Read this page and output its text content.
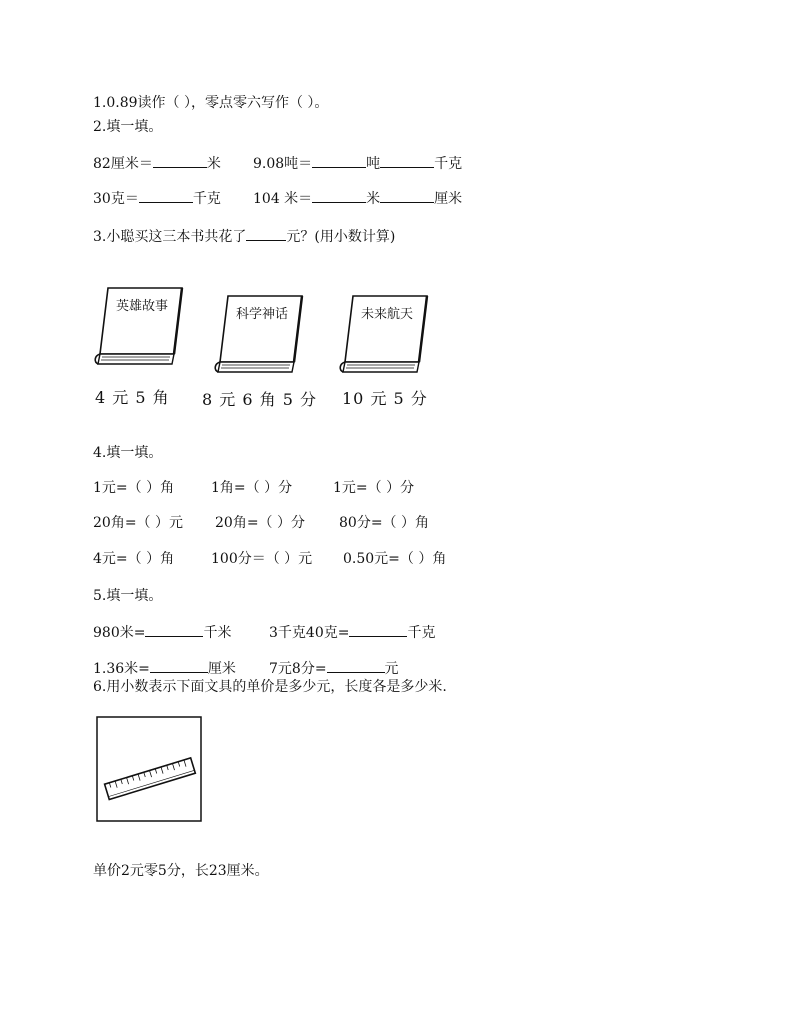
1.0.89读作（ ），零点零六写作（ ）。
2.填一填。
82厘米＝	米 9.08吨＝	吨	千克
30克＝	千克 104 米＝	米	厘米
3.小聪买这三本书共花了	元？(用小数计算)
英雄故事
科学神话	未来航天
4 元 5 角 8 元 6 角 5 分 10 元 5 分
4.填一填。
1元=（ ）角	1角=（ ）分	1元=（ ）分
20角=（ ）元 20角=（ ）分 80分=（ ）角
4元=（ ）角	100分＝（ ）元 0.50元=（ ）角
5.填一填。
980米=	千米	3千克40克=	千克
1.36米=	厘米 7元8分=	元
6.用小数表示下面文具的单价是多少元，长度各是多少米.
单价2元零5分，长23厘米。
